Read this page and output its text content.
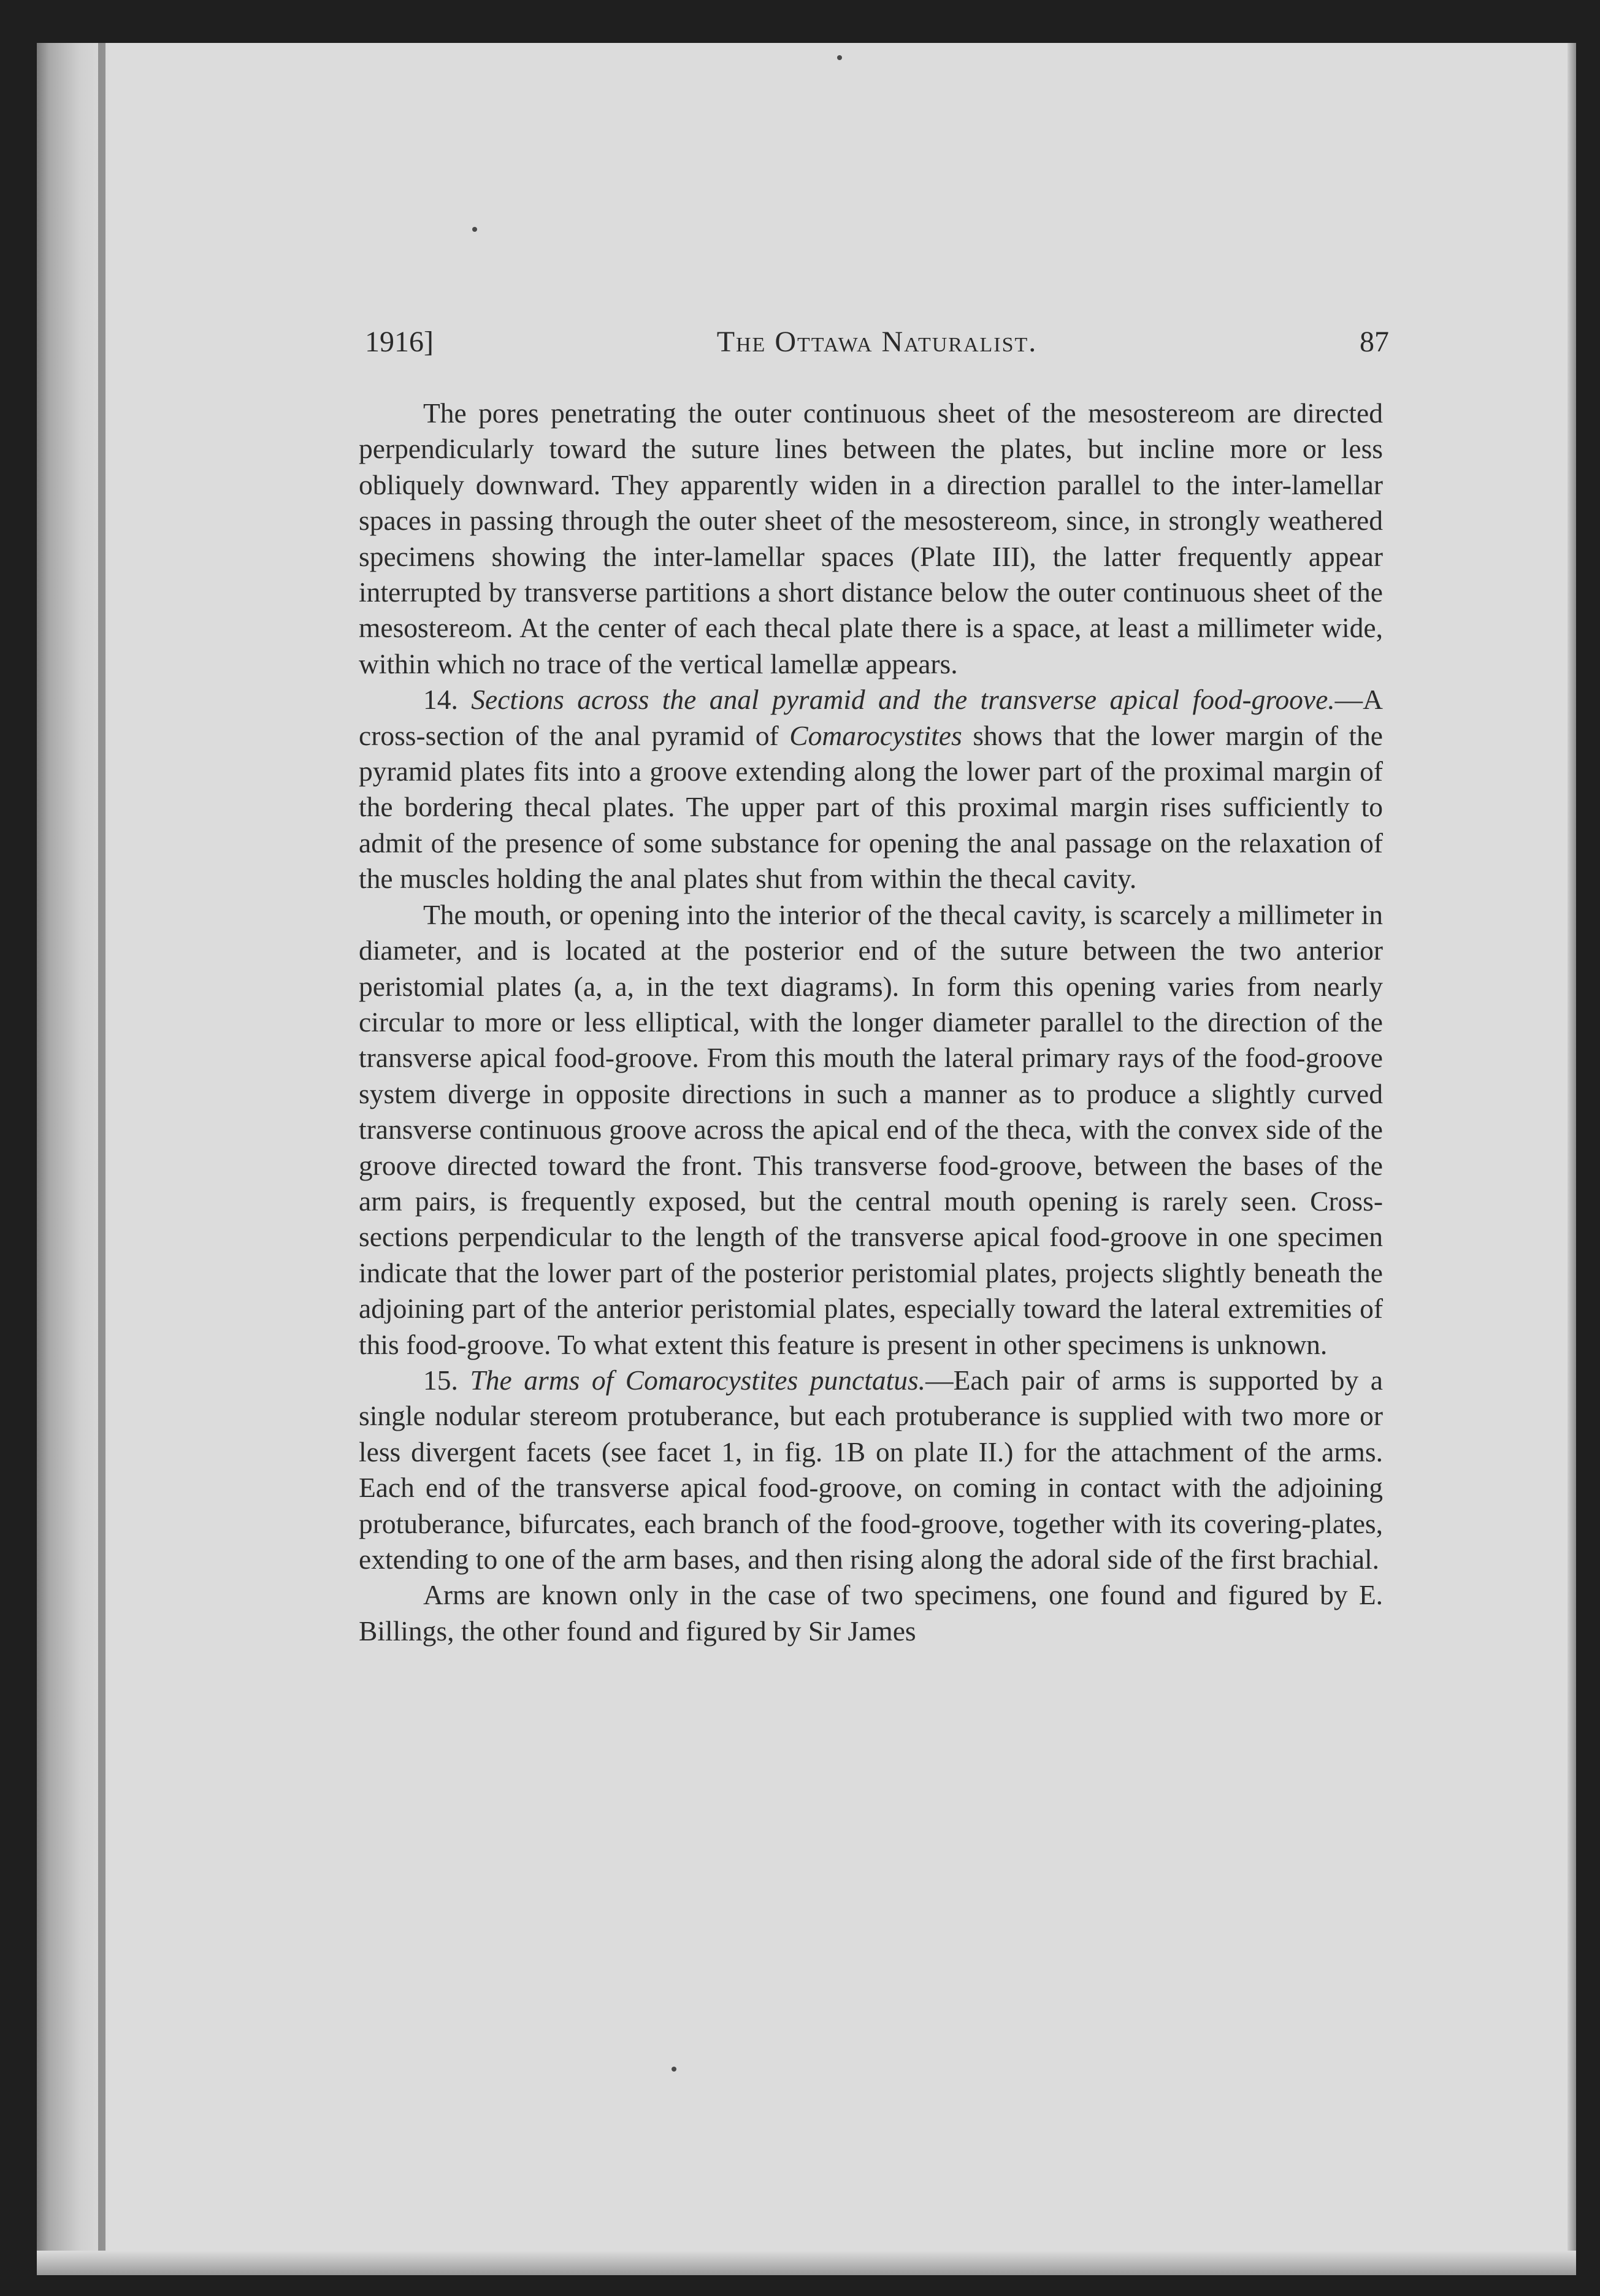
1916]	The Ottawa Naturalist.	87

The pores penetrating the outer continuous sheet of the mesostereom are directed perpendicularly toward the suture lines between the plates, but incline more or less obliquely downward. They apparently widen in a direction parallel to the inter-lamellar spaces in passing through the outer sheet of the mesostereom, since, in strongly weathered specimens showing the inter-lamellar spaces (Plate III), the latter frequently appear interrupted by transverse partitions a short distance below the outer continuous sheet of the mesostereom. At the center of each thecal plate there is a space, at least a millimeter wide, within which no trace of the vertical lamellæ appears.

14. Sections across the anal pyramid and the transverse apical food-groove.—A cross-section of the anal pyramid of Comarocystites shows that the lower margin of the pyramid plates fits into a groove extending along the lower part of the proximal margin of the bordering thecal plates. The upper part of this proximal margin rises sufficiently to admit of the presence of some substance for opening the anal passage on the relaxation of the muscles holding the anal plates shut from within the thecal cavity.

The mouth, or opening into the interior of the thecal cavity, is scarcely a millimeter in diameter, and is located at the posterior end of the suture between the two anterior peristomial plates (a, a, in the text diagrams). In form this opening varies from nearly circular to more or less elliptical, with the longer diameter parallel to the direction of the transverse apical food-groove. From this mouth the lateral primary rays of the food-groove system diverge in opposite directions in such a manner as to produce a slightly curved transverse continuous groove across the apical end of the theca, with the convex side of the groove directed toward the front. This transverse food-groove, between the bases of the arm pairs, is frequently exposed, but the central mouth opening is rarely seen. Cross-sections perpendicular to the length of the transverse apical food-groove in one specimen indicate that the lower part of the posterior peristomial plates, projects slightly beneath the adjoining part of the anterior peristomial plates, especially toward the lateral extremities of this food-groove. To what extent this feature is present in other specimens is unknown.

15. The arms of Comarocystites punctatus.—Each pair of arms is supported by a single nodular stereom protuberance, but each protuberance is supplied with two more or less divergent facets (see facet 1, in fig. 1B on plate II.) for the attachment of the arms. Each end of the transverse apical food-groove, on coming in contact with the adjoining protuberance, bifurcates, each branch of the food-groove, together with its covering-plates, extending to one of the arm bases, and then rising along the adoral side of the first brachial.

Arms are known only in the case of two specimens, one found and figured by E. Billings, the other found and figured by Sir James
